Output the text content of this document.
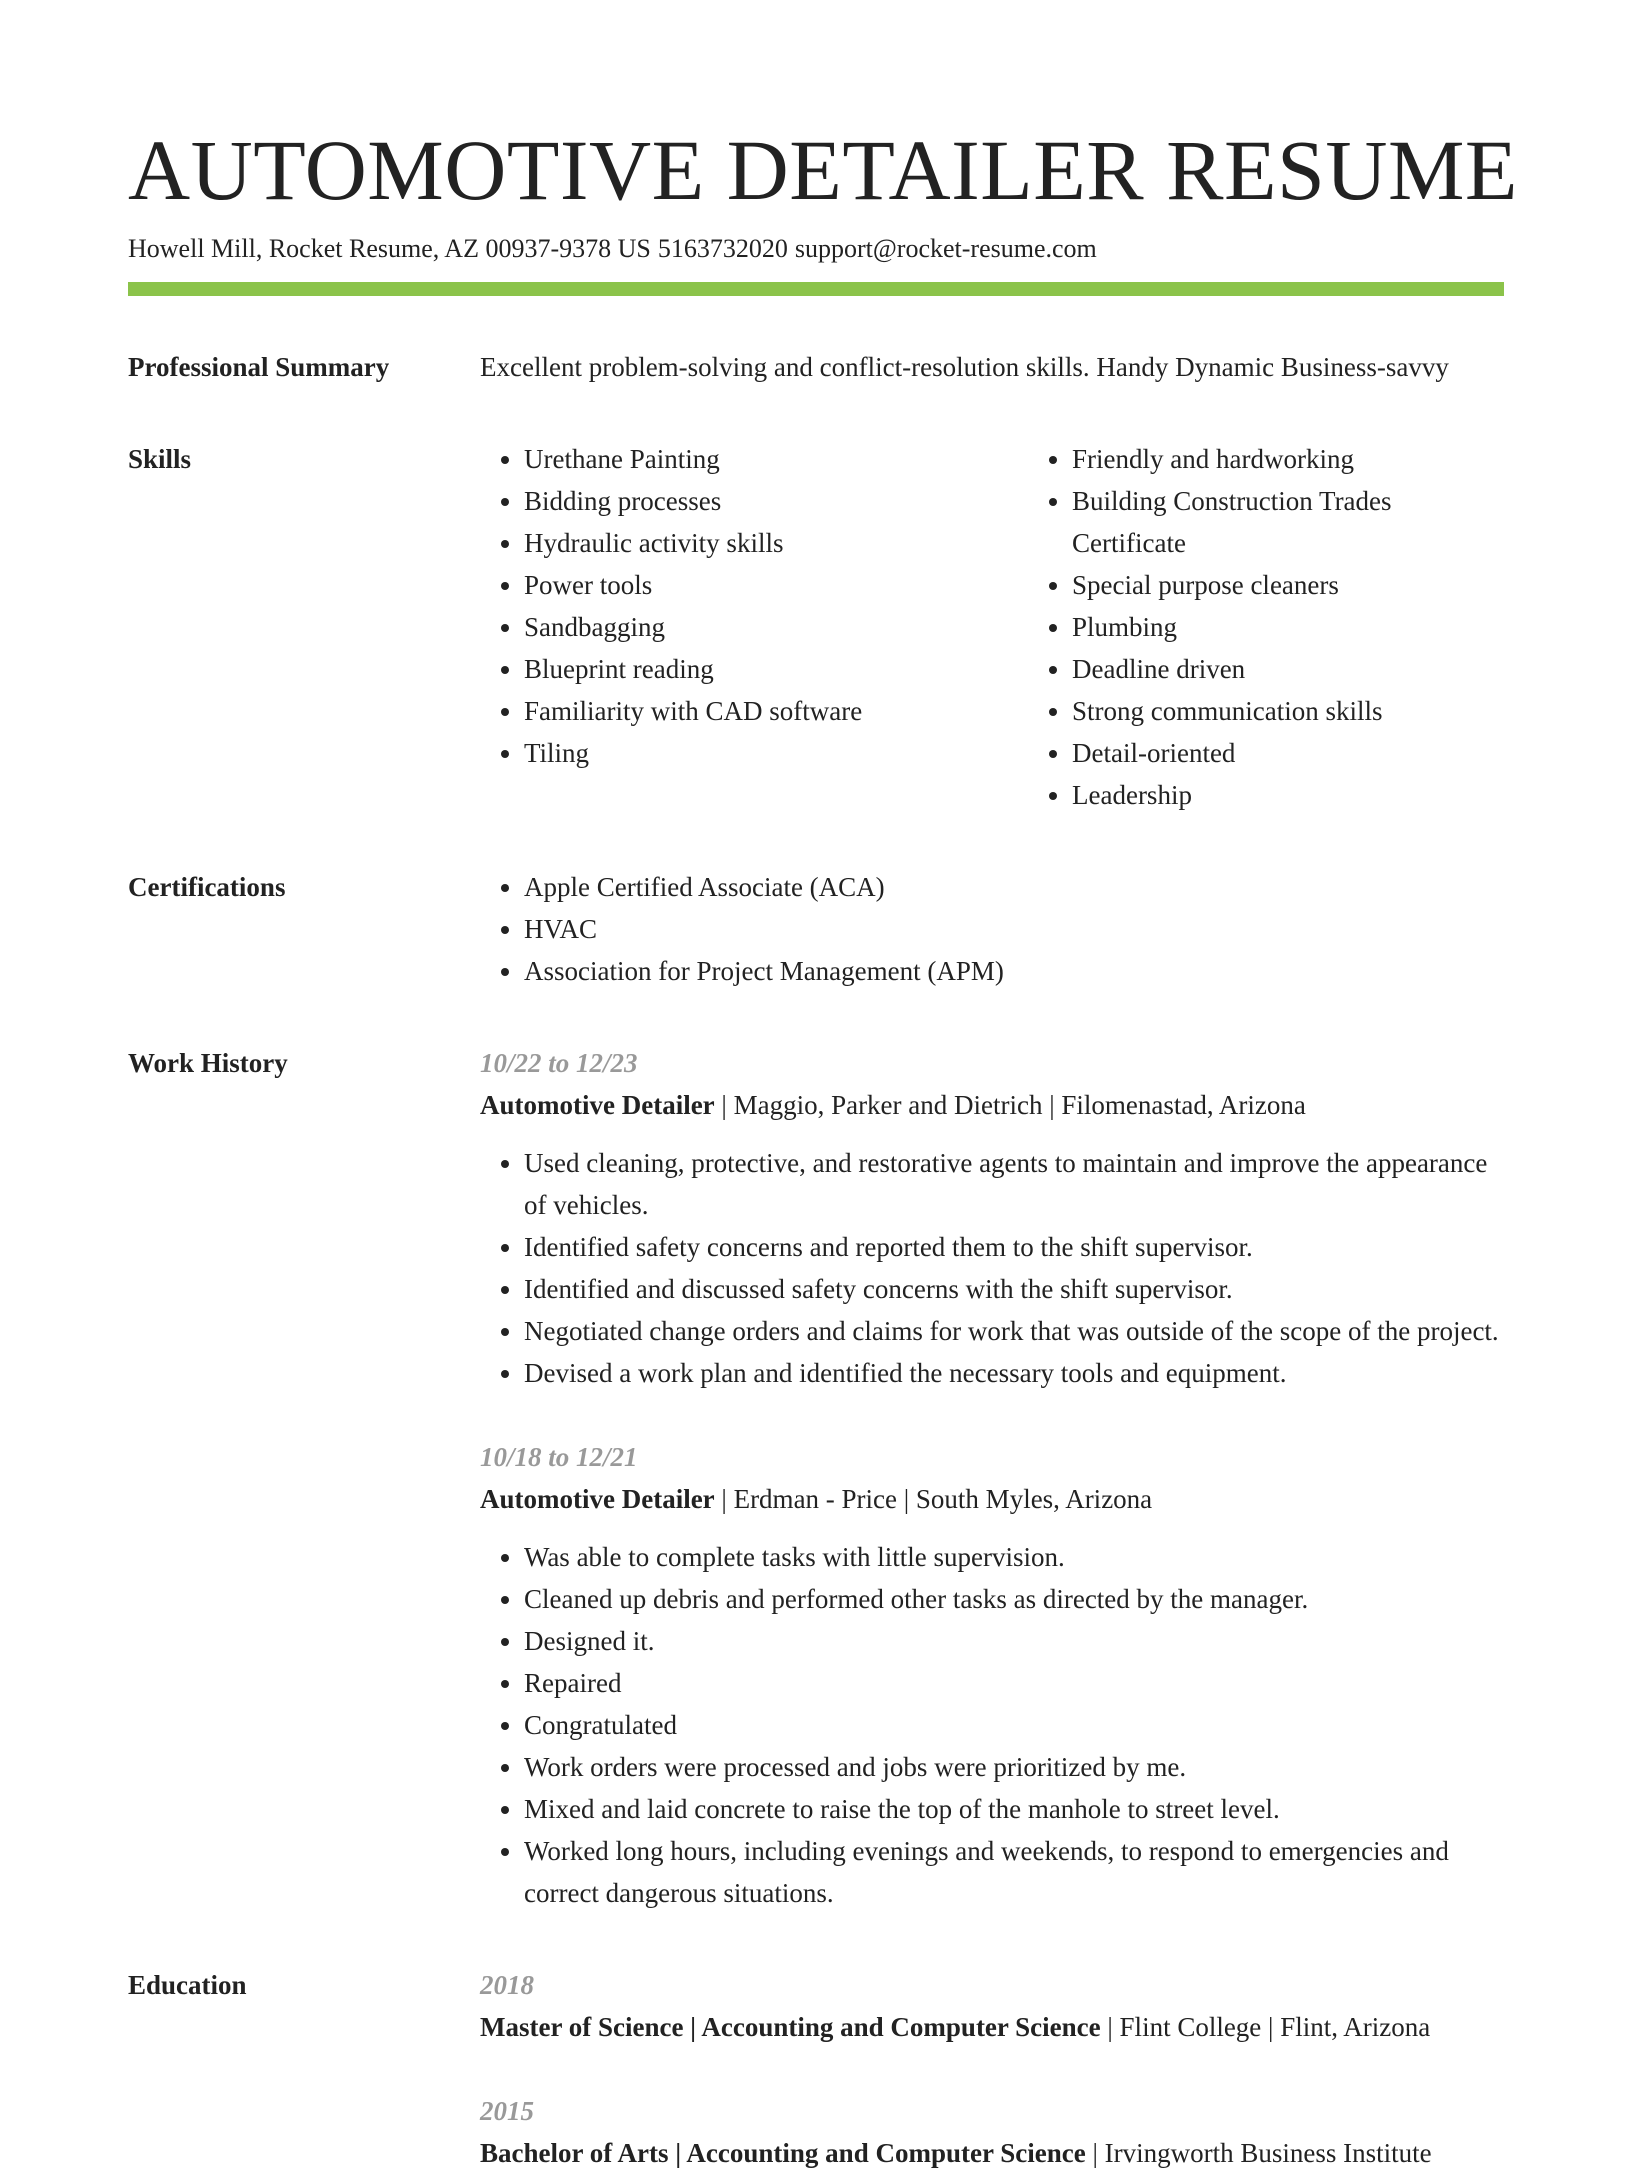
AUTOMOTIVE DETAILER RESUME
Howell Mill, Rocket Resume, AZ 00937-9378 US 5163732020 support@rocket-resume.com
Professional Summary	Excellent problem-solving and conflict-resolution skills. Handy Dynamic Business-savvy

Skills	• Urethane Painting
• Bidding processes
• Hydraulic activity skills
• Power tools
• Sandbagging
• Blueprint reading
• Familiarity with CAD software
• Tiling
• Friendly and hardworking
• Building Construction Trades Certificate
• Special purpose cleaners
• Plumbing
• Deadline driven
• Strong communication skills
• Detail-oriented
• Leadership
Certifications	• Apple Certified Associate (ACA)
• HVAC
• Association for Project Management (APM)
Work History	10/22 to 12/23
Automotive Detailer | Maggio, Parker and Dietrich | Filomenastad, Arizona
• Used cleaning, protective, and restorative agents to maintain and improve the appearance of vehicles.
• Identified safety concerns and reported them to the shift supervisor.
• Identified and discussed safety concerns with the shift supervisor.
• Negotiated change orders and claims for work that was outside of the scope of the project.
• Devised a work plan and identified the necessary tools and equipment.
10/18 to 12/21
Automotive Detailer | Erdman - Price | South Myles, Arizona
• Was able to complete tasks with little supervision.
• Cleaned up debris and performed other tasks as directed by the manager.
• Designed it.
• Repaired
• Congratulated
• Work orders were processed and jobs were prioritized by me.
• Mixed and laid concrete to raise the top of the manhole to street level.
• Worked long hours, including evenings and weekends, to respond to emergencies and correct dangerous situations.
Education	2018
Master of Science | Accounting and Computer Science | Flint College | Flint, Arizona
2015
Bachelor of Arts | Accounting and Computer Science | Irvingworth Business Institute
